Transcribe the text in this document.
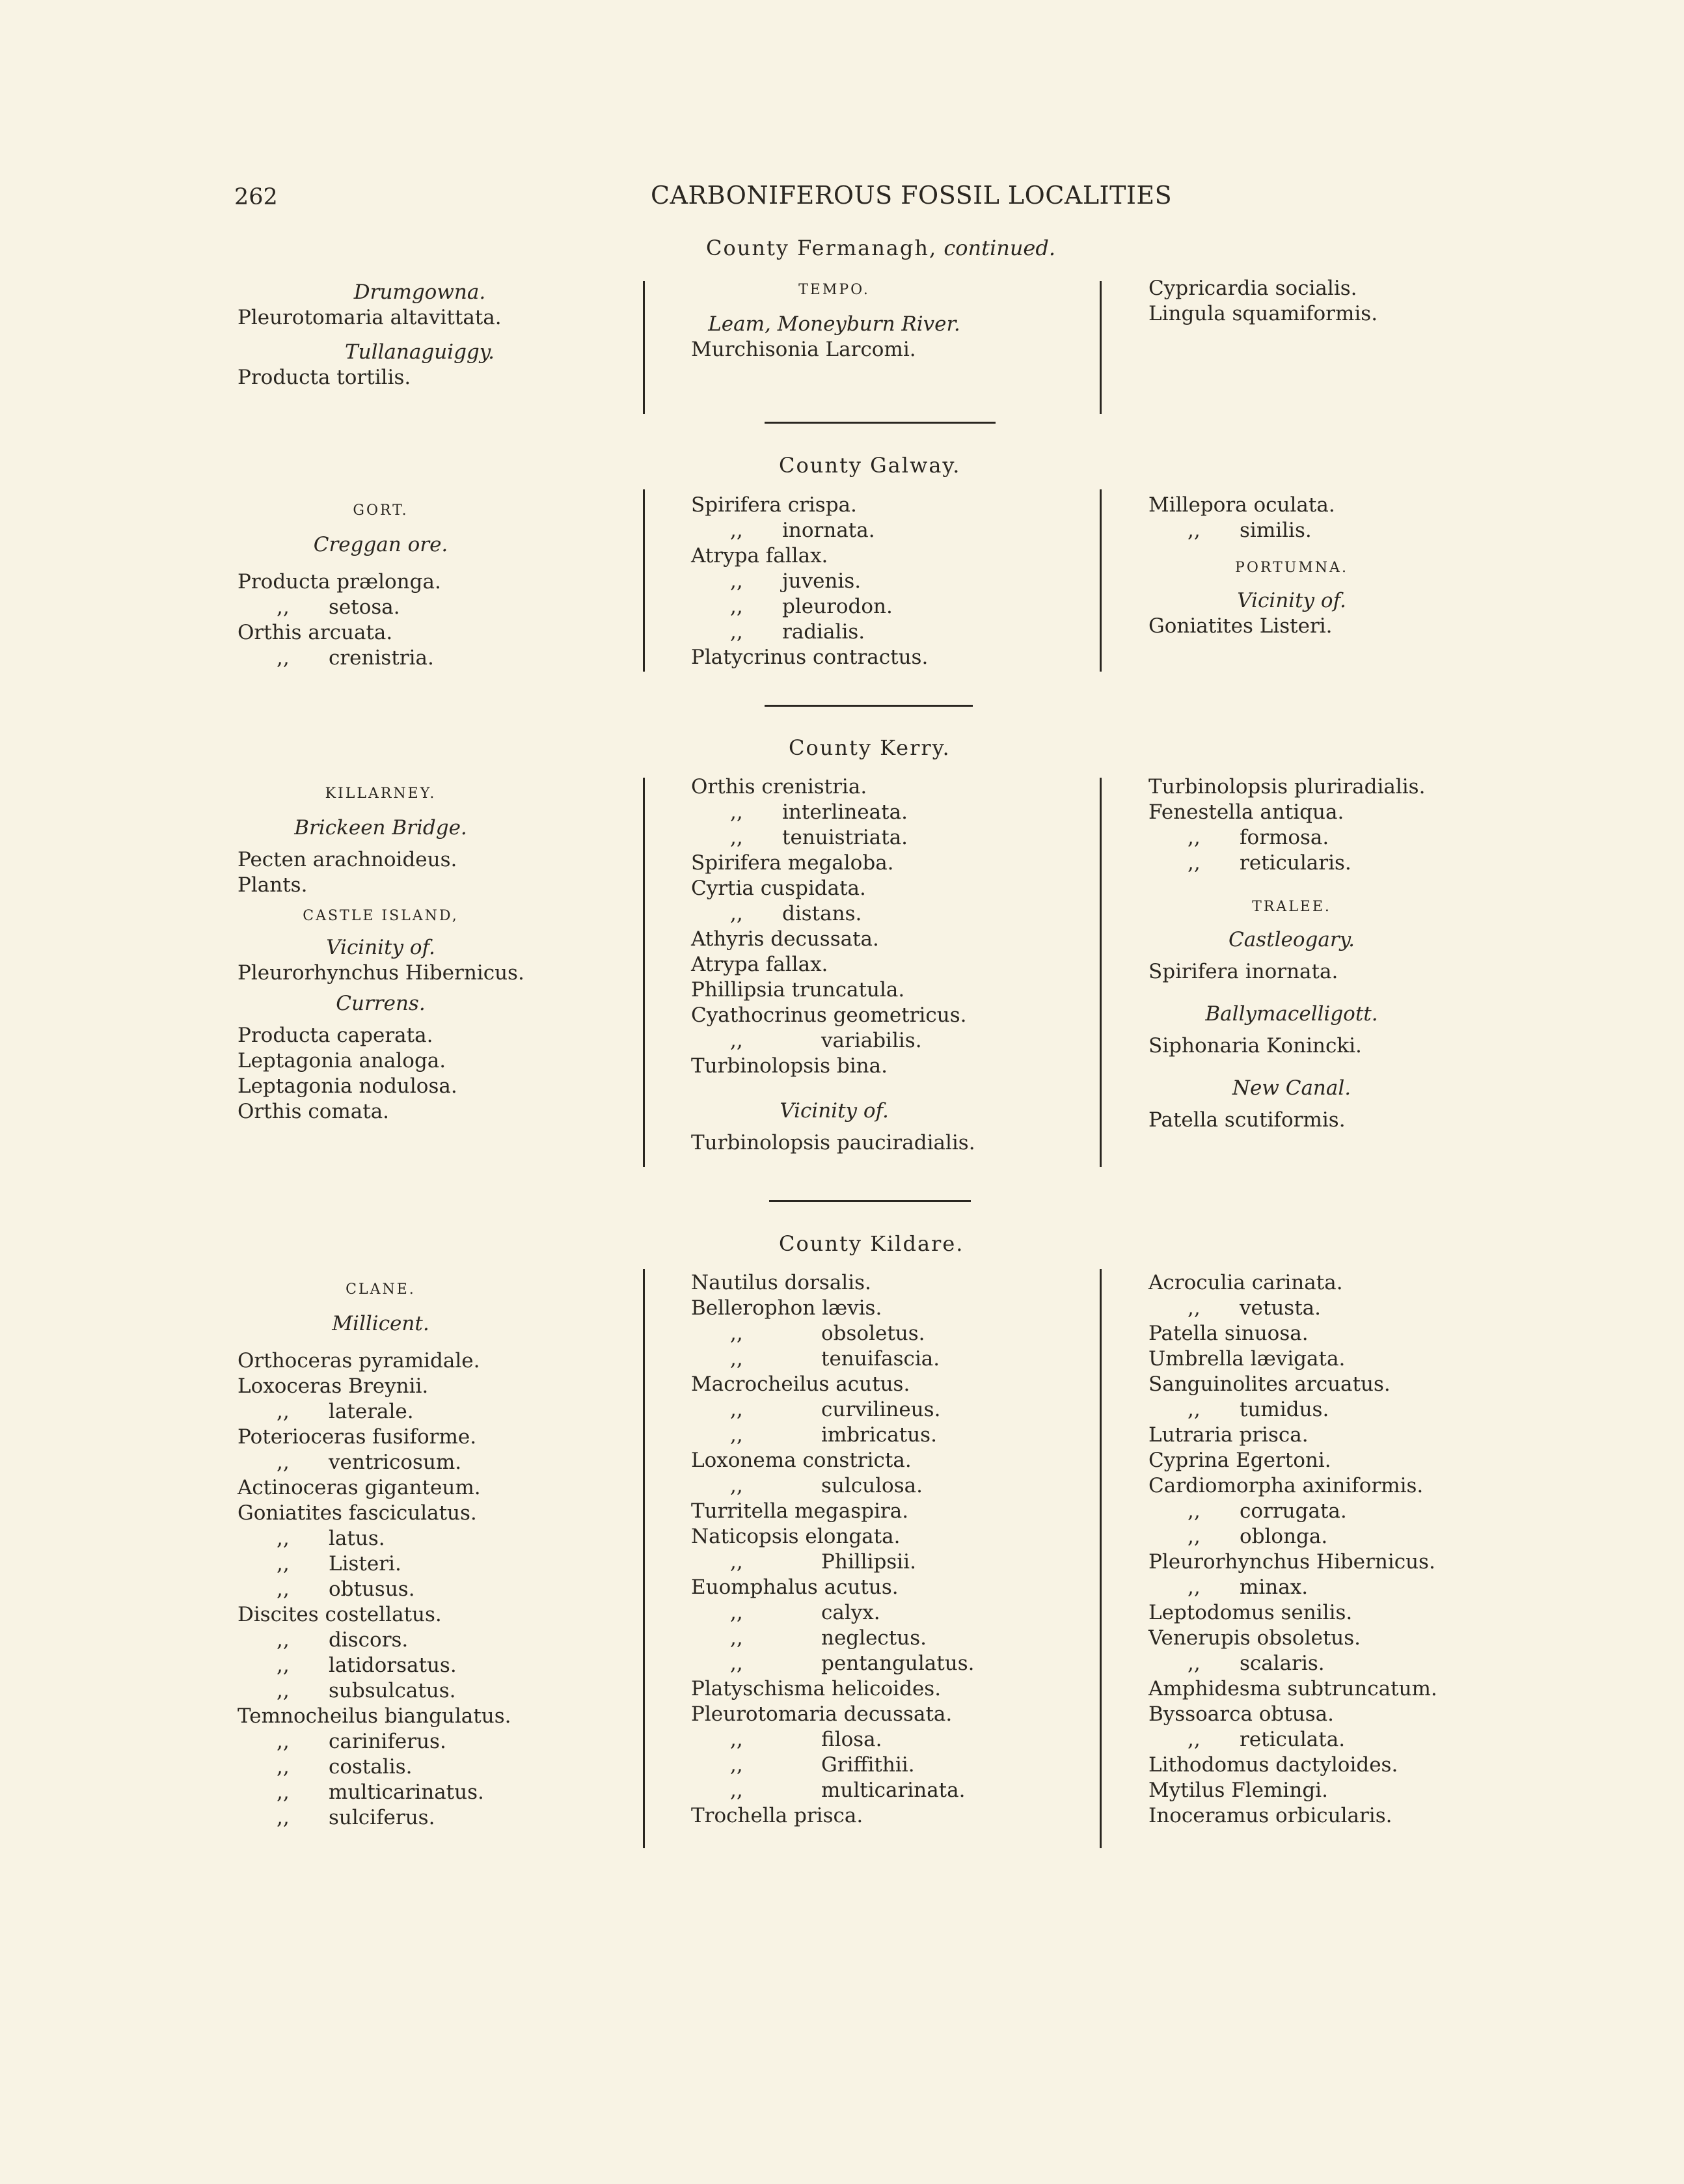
262	CARBONIFEROUS FOSSIL LOCALITIES
County Fermanagh, continued.
Drumgowna.
Pleurotomaria altavittata.
Tullanaguiggy.
Producta tortilis.
TEMPO.
Leam, Moneyburn River.
Murchisonia Larcomi.
Cypricardia socialis.
Lingula squamiformis.
County Galway.
GORT.
Creggan ore.
Producta prælonga.
,, setosa.
Orthis arcuata.
,, crenistria.
Spirifera crispa.
,, inornata.
Atrypa fallax.
,, juvenis.
,, pleurodon.
,, radialis.
Platycrinus contractus.
Millepora oculata.
,, similis.
PORTUMNA.
Vicinity of.
Goniatites Listeri.
County Kerry.
KILLARNEY.
Brickeen Bridge.
Pecten arachnoideus.
Plants.
CASTLE ISLAND,
Vicinity of.
Pleurorhynchus Hibernicus.
Currens.
Producta caperata.
Leptagonia analoga.
Leptagonia nodulosa.
Orthis comata.
Orthis crenistria.
,, interlineata.
,, tenuistriata.
Spirifera megaloba.
Cyrtia cuspidata.
,, distans.
Athyris decussata.
Atrypa fallax.
Phillipsia truncatula.
Cyathocrinus geometricus.
,,	variabilis.
Turbinolopsis bina.
Vicinity of.
Turbinolopsis pauciradialis.
Turbinolopsis pluriradialis.
Fenestella antiqua.
,, formosa.
,, reticularis.
TRALEE.
Castleogary.
Spirifera inornata.
Ballymacelligott.
Siphonaria Konincki.
New Canal.
Patella scutiformis.
County Kildare.
CLANE.
Millicent.
Orthoceras pyramidale.
Loxoceras Breynii.
,, laterale.
Poterioceras fusiforme.
,, ventricosum.
Actinoceras giganteum.
Goniatites fasciculatus.
,, latus.
,, Listeri.
,, obtusus.
Discites costellatus.
,, discors.
,, latidorsatus.
,, subsulcatus.
Temnocheilus biangulatus.
,, cariniferus.
,, costalis.
,, multicarinatus.
,, sulciferus.
Nautilus dorsalis.
Bellerophon lævis.
,,	obsoletus.
,,	tenuifascia.
Macrocheilus acutus.
,,	curvilineus.
,,	imbricatus.
Loxonema constricta.
,,	sulculosa.
Turritella megaspira.
Naticopsis elongata.
,,	Phillipsii.
Euomphalus acutus.
,,	calyx.
,,	neglectus.
,,	pentangulatus.
Platyschisma helicoides.
Pleurotomaria decussata.
,,	filosa.
,,	Griffithii.
,,	multicarinata.
Trochella prisca.
Acroculia carinata.
,, vetusta.
Patella sinuosa.
Umbrella lævigata.
Sanguinolites arcuatus.
,, tumidus.
Lutraria prisca.
Cyprina Egertoni.
Cardiomorpha axiniformis.
,, corrugata.
,, oblonga.
Pleurorhynchus Hibernicus.
,, minax.
Leptodomus senilis.
Venerupis obsoletus.
,, scalaris.
Amphidesma subtruncatum.
Byssoarca obtusa.
,, reticulata.
Lithodomus dactyloides.
Mytilus Flemingi.
Inoceramus orbicularis.
